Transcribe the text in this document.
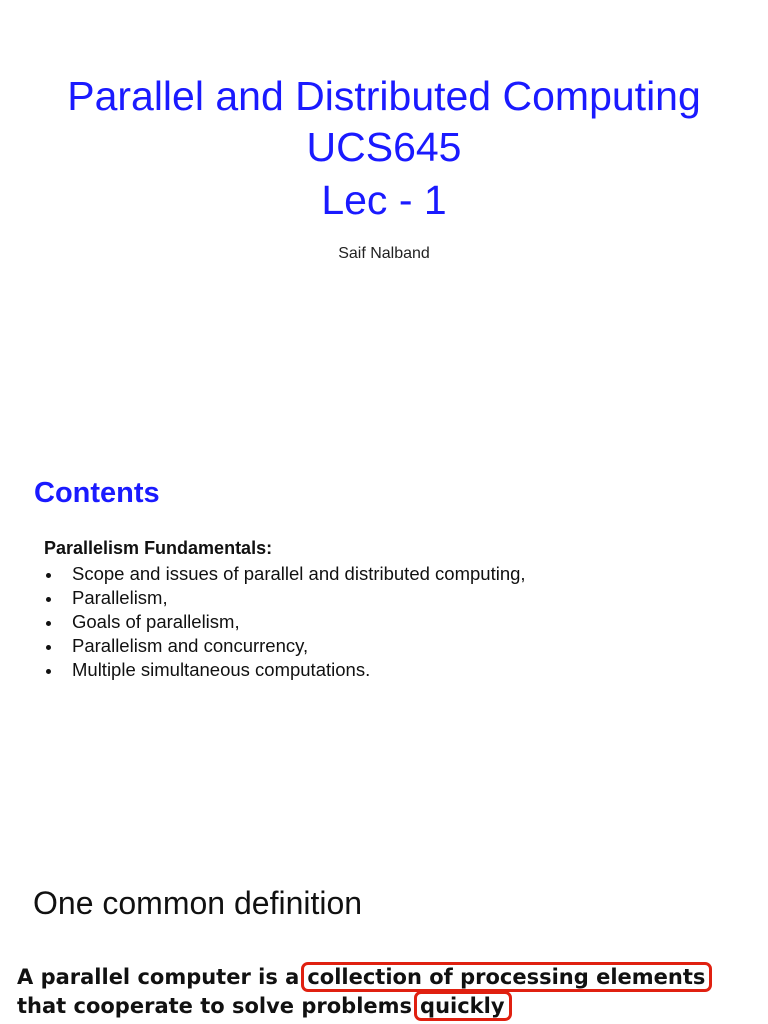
Parallel and Distributed Computing
UCS645
Lec - 1
Saif Nalband
Contents
Parallelism Fundamentals:
Scope and issues of parallel and distributed computing,
Parallelism,
Goals of parallelism,
Parallelism and concurrency,
Multiple simultaneous computations.
One common definition
A parallel computer is a collection of processing elements
that cooperate to solve problems quickly
